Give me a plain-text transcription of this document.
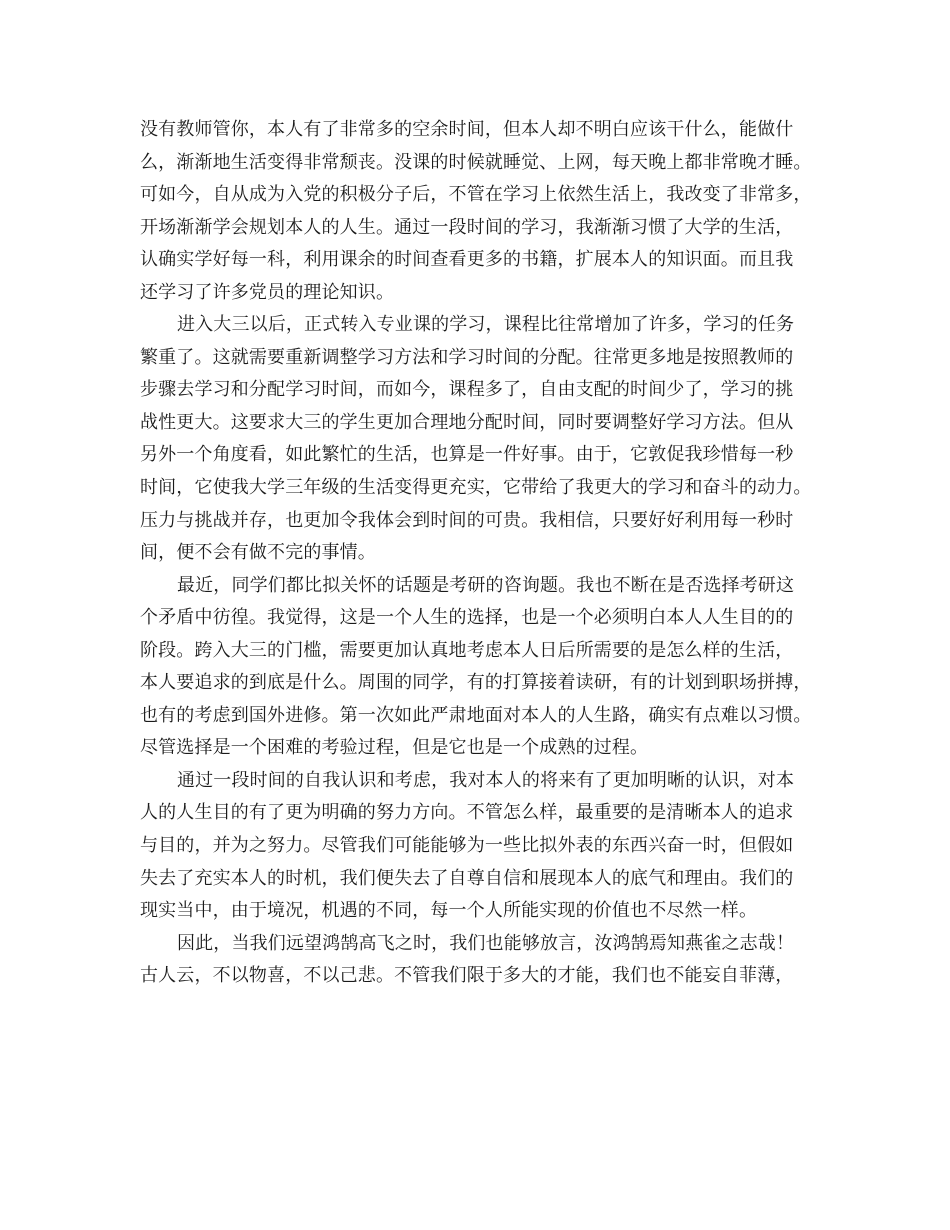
没有教师管你，本人有了非常多的空余时间，但本人却不明白应该干什么，能做什
么，渐渐地生活变得非常颓丧。没课的时候就睡觉、上网，每天晚上都非常晚才睡。
可如今，自从成为入党的积极分子后，不管在学习上依然生活上，我改变了非常多，
开场渐渐学会规划本人的人生。通过一段时间的学习，我渐渐习惯了大学的生活，
认确实学好每一科，利用课余的时间查看更多的书籍，扩展本人的知识面。而且我
还学习了许多党员的理论知识。
进入大三以后，正式转入专业课的学习，课程比往常增加了许多，学习的任务
繁重了。这就需要重新调整学习方法和学习时间的分配。往常更多地是按照教师的
步骤去学习和分配学习时间，而如今，课程多了，自由支配的时间少了，学习的挑
战性更大。这要求大三的学生更加合理地分配时间，同时要调整好学习方法。但从
另外一个角度看，如此繁忙的生活，也算是一件好事。由于，它敦促我珍惜每一秒
时间，它使我大学三年级的生活变得更充实，它带给了我更大的学习和奋斗的动力。
压力与挑战并存，也更加令我体会到时间的可贵。我相信，只要好好利用每一秒时
间，便不会有做不完的事情。
最近，同学们都比拟关怀的话题是考研的咨询题。我也不断在是否选择考研这
个矛盾中彷徨。我觉得，这是一个人生的选择，也是一个必须明白本人人生目的的
阶段。跨入大三的门槛，需要更加认真地考虑本人日后所需要的是怎么样的生活，
本人要追求的到底是什么。周围的同学，有的打算接着读研，有的计划到职场拼搏，
也有的考虑到国外进修。第一次如此严肃地面对本人的人生路，确实有点难以习惯。
尽管选择是一个困难的考验过程，但是它也是一个成熟的过程。
通过一段时间的自我认识和考虑，我对本人的将来有了更加明晰的认识，对本
人的人生目的有了更为明确的努力方向。不管怎么样，最重要的是清晰本人的追求
与目的，并为之努力。尽管我们可能能够为一些比拟外表的东西兴奋一时，但假如
失去了充实本人的时机，我们便失去了自尊自信和展现本人的底气和理由。我们的
现实当中，由于境况，机遇的不同，每一个人所能实现的价值也不尽然一样。
因此，当我们远望鸿鹄高飞之时，我们也能够放言，汝鸿鹄焉知燕雀之志哉！
古人云，不以物喜，不以己悲。不管我们限于多大的才能，我们也不能妄自菲薄，
